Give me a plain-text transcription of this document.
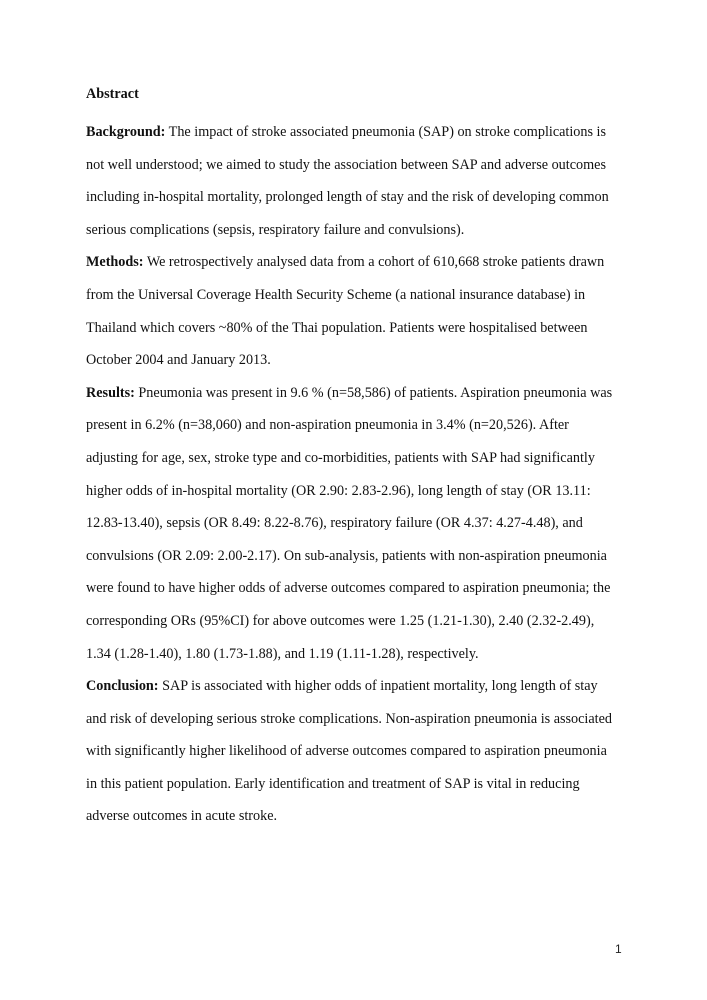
Abstract

Background: The impact of stroke associated pneumonia (SAP) on stroke complications is
not well understood; we aimed to study the association between SAP and adverse outcomes
including in-hospital mortality, prolonged length of stay and the risk of developing common
serious complications (sepsis, respiratory failure and convulsions).

Methods: We retrospectively analysed data from a cohort of 610,668 stroke patients drawn
from the Universal Coverage Health Security Scheme (a national insurance database) in
Thailand which covers ~80% of the Thai population. Patients were hospitalised between
October 2004 and January 2013.

Results: Pneumonia was present in 9.6 % (n=58,586) of patients. Aspiration pneumonia was
present in 6.2% (n=38,060) and non-aspiration pneumonia in 3.4% (n=20,526). After
adjusting for age, sex, stroke type and co-morbidities, patients with SAP had significantly
higher odds of in-hospital mortality (OR 2.90: 2.83-2.96), long length of stay (OR 13.11:
12.83-13.40), sepsis (OR 8.49: 8.22-8.76), respiratory failure (OR 4.37: 4.27-4.48), and
convulsions (OR 2.09: 2.00-2.17). On sub-analysis, patients with non-aspiration pneumonia
were found to have higher odds of adverse outcomes compared to aspiration pneumonia; the
corresponding ORs (95%CI) for above outcomes were 1.25 (1.21-1.30), 2.40 (2.32-2.49),
1.34 (1.28-1.40), 1.80 (1.73-1.88), and 1.19 (1.11-1.28), respectively.

Conclusion: SAP is associated with higher odds of inpatient mortality, long length of stay
and risk of developing serious stroke complications. Non-aspiration pneumonia is associated
with significantly higher likelihood of adverse outcomes compared to aspiration pneumonia
in this patient population. Early identification and treatment of SAP is vital in reducing
adverse outcomes in acute stroke.

1
